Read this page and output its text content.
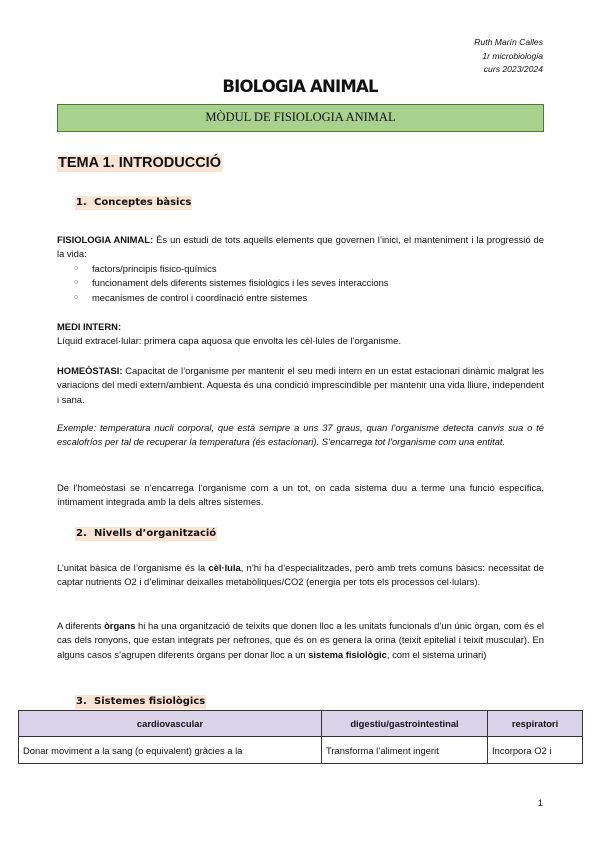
Ruth Marín Calles
1r microbiologia
curs 2023/2024
BIOLOGIA ANIMAL
MÒDUL DE FISIOLOGIA ANIMAL
TEMA 1. INTRODUCCIÓ
1. Conceptes bàsics
FISIOLOGIA ANIMAL: És un estudi de tots aquells elements que governen l’inici, el manteniment i la progressió de la vida:
○ factors/principis fisico-químics
○ funcionament dels diferents sistemes fisiològics i les seves interaccions
○ mecanismes de control i coordinació entre sistemes
MEDI INTERN:
Líquid extracel·lular: primera capa aquosa que envolta les cèl·lules de l’organisme.
HOMEÒSTASI: Capacitat de l’organisme per mantenir el seu medi intern en un estat estacionari dinàmic malgrat les variacions del medi extern/ambient. Aquesta és una condició imprescindible per mantenir una vida lliure, independent i sana.
Exemple: temperatura nucli corporal, que està sempre a uns 37 graus, quan l’organisme detecta canvis sua o té escalofríos per tal de recuperar la temperatura (és estacionari). S’encarrega tot l’organisme com una entitat.
De l’homeòstasi se n’encarrega l’organisme com a un tot, on cada sistema duu a terme una funció específica, íntimament integrada amb la dels altres sistemes.
2. Nivells d’organització
L’unitat bàsica de l’organisme és la cèl·lula, n’hi ha d’especialitzades, però amb trets comuns bàsics: necessitat de captar nutrients O2 i d’eliminar deixalles metabòliques/CO2 (energia per tots els processos cel·lulars).
A diferents òrgans hi ha una organització de teixits que donen lloc a les unitats funcionals d’un únic òrgan, com és el cas dels ronyons, que estan integrats per nefrones, que és on es genera la orina (teixit epitelial i teixit muscular). En alguns casos s’agrupen diferents òrgans per donar lloc a un sistema fisiològic, com el sistema urinari)
3. Sistemes fisiològics
cardiovascular	digestiu/gastrointestinal	respiratori
Donar moviment a la sang (o equivalent) gràcies a la	Transforma l’aliment ingerit	Incorpora O2 i
1
